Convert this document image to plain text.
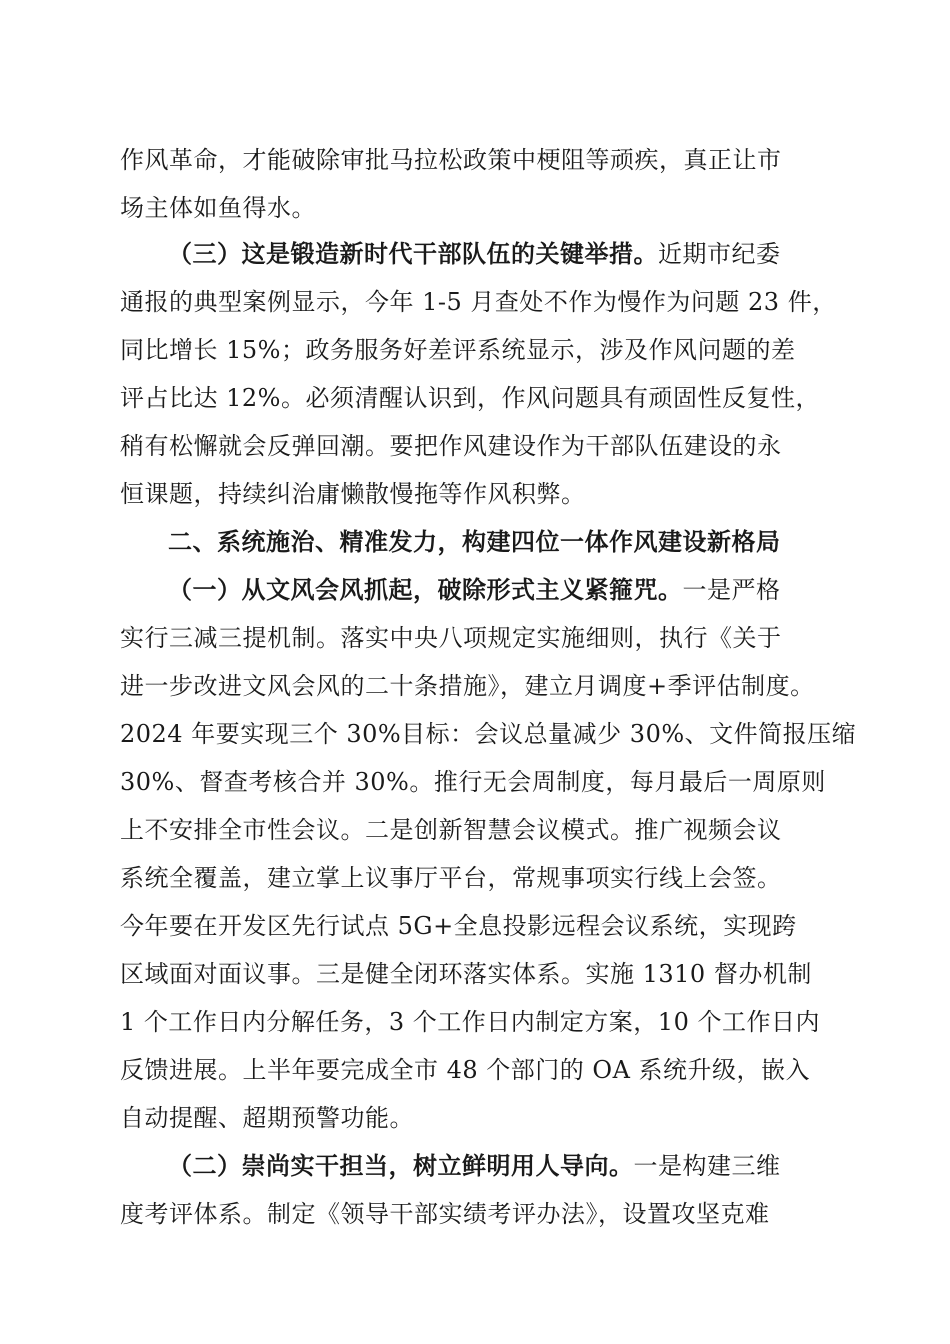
作风革命，才能破除审批马拉松政策中梗阻等顽疾，真正让市
场主体如鱼得水。
（三）这是锻造新时代干部队伍的关键举措。近期市纪委
通报的典型案例显示，今年 1-5 月查处不作为慢作为问题 23 件，
同比增长 15%；政务服务好差评系统显示，涉及作风问题的差
评占比达 12%。必须清醒认识到，作风问题具有顽固性反复性，
稍有松懈就会反弹回潮。要把作风建设作为干部队伍建设的永
恒课题，持续纠治庸懒散慢拖等作风积弊。
二、系统施治、精准发力，构建四位一体作风建设新格局
（一）从文风会风抓起，破除形式主义紧箍咒。一是严格
实行三减三提机制。落实中央八项规定实施细则，执行《关于
进一步改进文风会风的二十条措施》，建立月调度+季评估制度。
2024 年要实现三个 30%目标：会议总量减少 30%、文件简报压缩
30%、督查考核合并 30%。推行无会周制度，每月最后一周原则
上不安排全市性会议。二是创新智慧会议模式。推广视频会议
系统全覆盖，建立掌上议事厅平台，常规事项实行线上会签。
今年要在开发区先行试点 5G+全息投影远程会议系统，实现跨
区域面对面议事。三是健全闭环落实体系。实施 1310 督办机制
1 个工作日内分解任务，3 个工作日内制定方案，10 个工作日内
反馈进展。上半年要完成全市 48 个部门的 OA 系统升级，嵌入
自动提醒、超期预警功能。
（二）崇尚实干担当，树立鲜明用人导向。一是构建三维
度考评体系。制定《领导干部实绩考评办法》，设置攻坚克难
